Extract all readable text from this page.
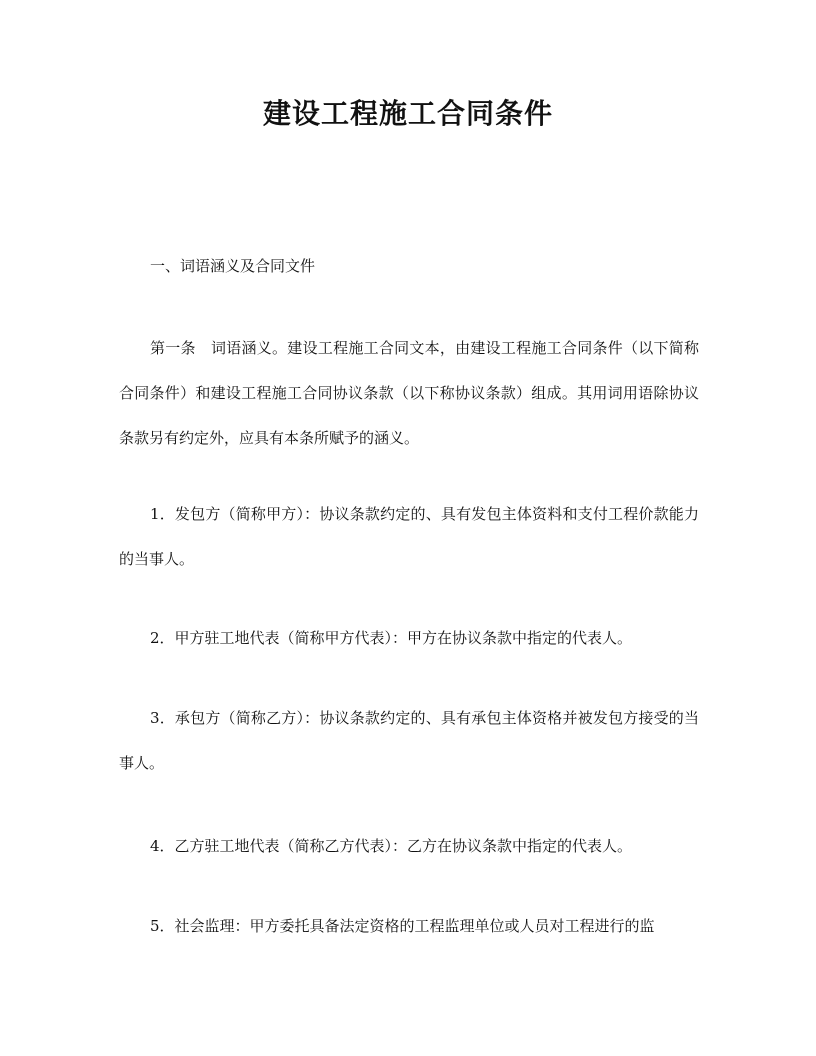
建设工程施工合同条件

一、词语涵义及合同文件

第一条　词语涵义。建设工程施工合同文本，由建设工程施工合同条件（以下简称合同条件）和建设工程施工合同协议条款（以下称协议条款）组成。其用词用语除协议条款另有约定外，应具有本条所赋予的涵义。

1．发包方（简称甲方）：协议条款约定的、具有发包主体资料和支付工程价款能力的当事人。

2．甲方驻工地代表（简称甲方代表）：甲方在协议条款中指定的代表人。

3．承包方（简称乙方）：协议条款约定的、具有承包主体资格并被发包方接受的当事人。

4．乙方驻工地代表（简称乙方代表）：乙方在协议条款中指定的代表人。

5．社会监理：甲方委托具备法定资格的工程监理单位或人员对工程进行的监
